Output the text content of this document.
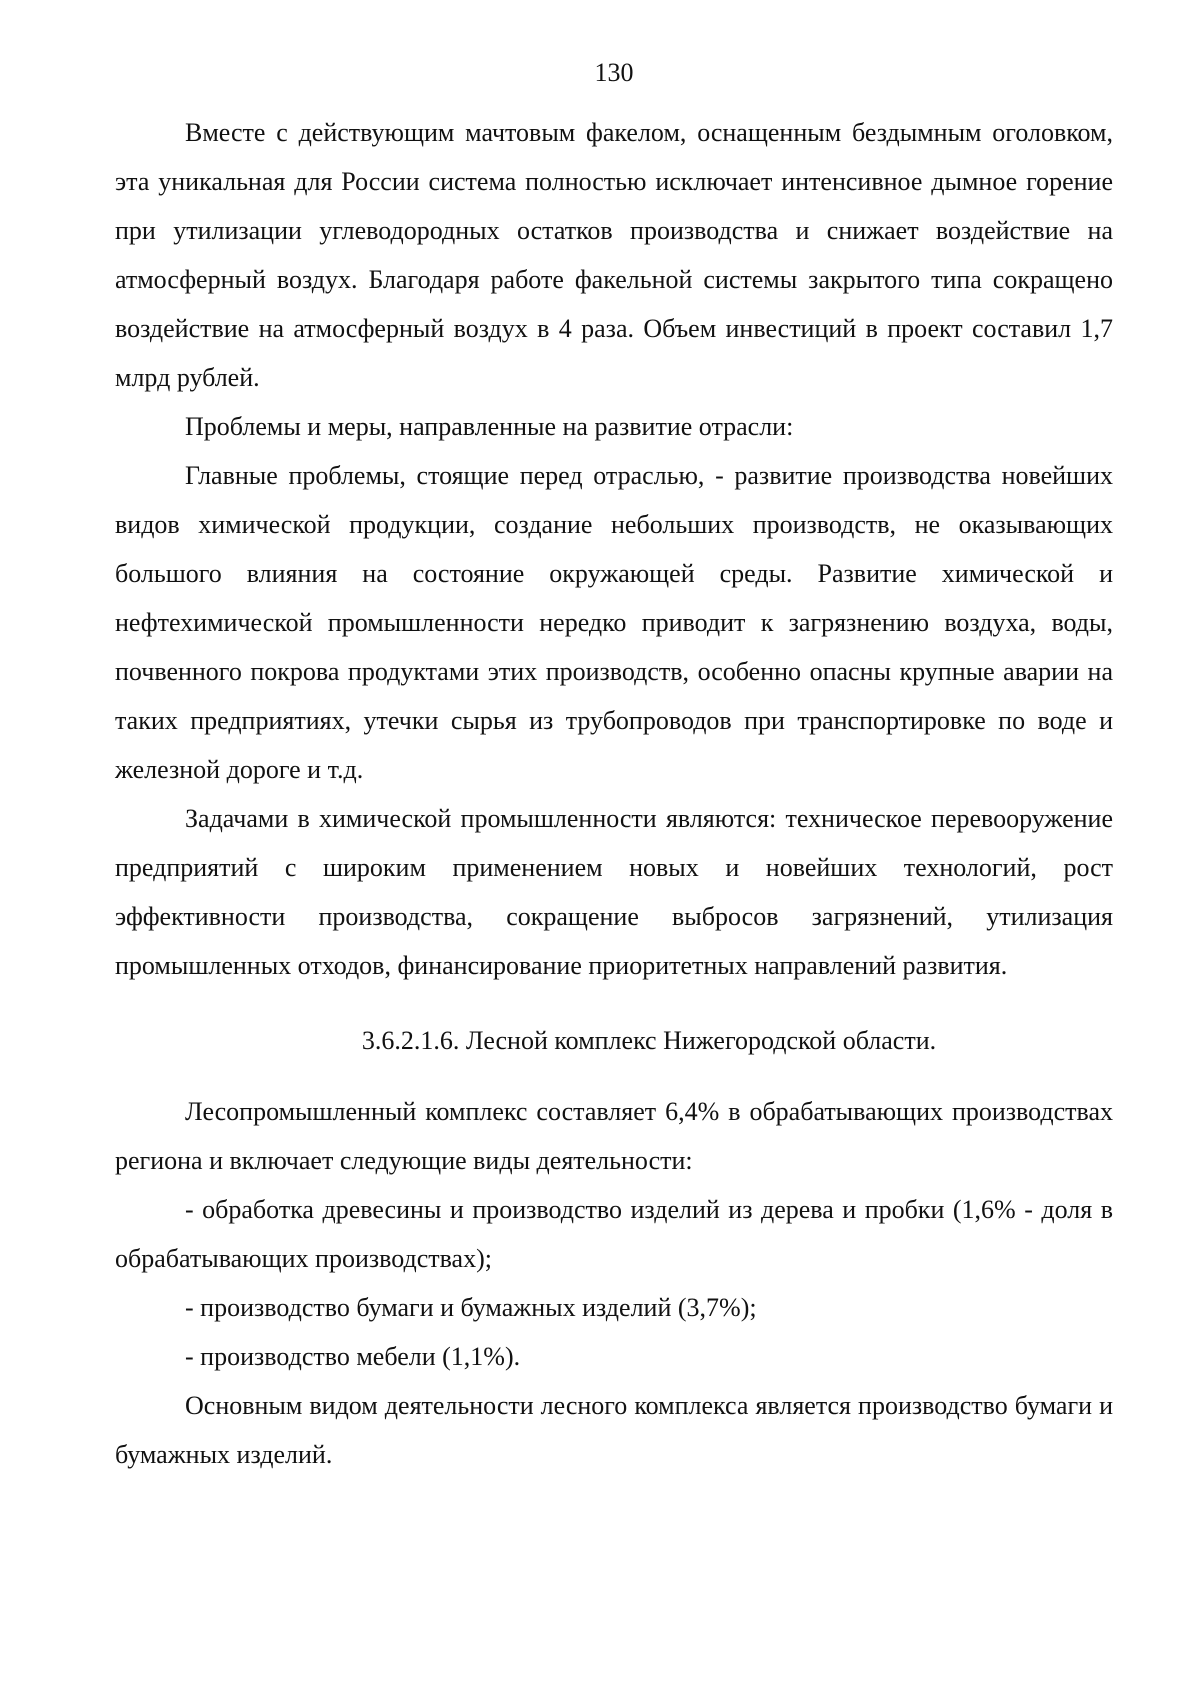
130

Вместе с действующим мачтовым факелом, оснащенным бездымным оголовком, эта уникальная для России система полностью исключает интенсивное дымное горение при утилизации углеводородных остатков производства и снижает воздействие на атмосферный воздух. Благодаря работе факельной системы закрытого типа сокращено воздействие на атмосферный воздух в 4 раза. Объем инвестиций в проект составил 1,7 млрд рублей.

Проблемы и меры, направленные на развитие отрасли:

Главные проблемы, стоящие перед отраслью, - развитие производства новейших видов химической продукции, создание небольших производств, не оказывающих большого влияния на состояние окружающей среды. Развитие химической и нефтехимической промышленности нередко приводит к загрязнению воздуха, воды, почвенного покрова продуктами этих производств, особенно опасны крупные аварии на таких предприятиях, утечки сырья из трубопроводов при транспортировке по воде и железной дороге и т.д.

Задачами в химической промышленности являются: техническое перевооружение предприятий с широким применением новых и новейших технологий, рост эффективности производства, сокращение выбросов загрязнений, утилизация промышленных отходов, финансирование приоритетных направлений развития.

3.6.2.1.6. Лесной комплекс Нижегородской области.

Лесопромышленный комплекс составляет 6,4% в обрабатывающих производствах региона и включает следующие виды деятельности:

- обработка древесины и производство изделий из дерева и пробки (1,6% - доля в обрабатывающих производствах);

- производство бумаги и бумажных изделий (3,7%);

- производство мебели (1,1%).

Основным видом деятельности лесного комплекса является производство бумаги и бумажных изделий.
